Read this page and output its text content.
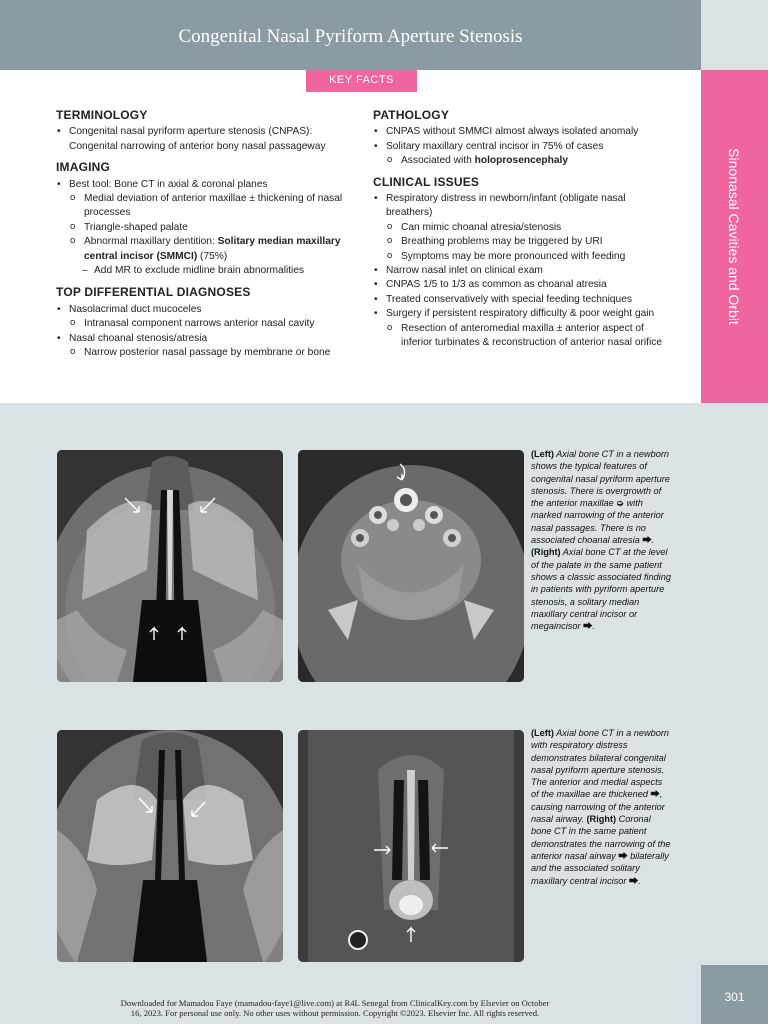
Congenital Nasal Pyriform Aperture Stenosis
Sinonasal Cavities and Orbit
KEY FACTS
TERMINOLOGY
• Congenital nasal pyriform aperture stenosis (CNPAS): Congenital narrowing of anterior bony nasal passageway
IMAGING
• Best tool: Bone CT in axial & coronal planes
o Medial deviation of anterior maxillae ± thickening of nasal processes
o Triangle-shaped palate
o Abnormal maxillary dentition: Solitary median maxillary central incisor (SMMCI) (75%)
– Add MR to exclude midline brain abnormalities
TOP DIFFERENTIAL DIAGNOSES
• Nasolacrimal duct mucoceles
o Intranasal component narrows anterior nasal cavity
• Nasal choanal stenosis/atresia
o Narrow posterior nasal passage by membrane or bone
PATHOLOGY
• CNPAS without SMMCI almost always isolated anomaly
• Solitary maxillary central incisor in 75% of cases
o Associated with holoprosencephaly
CLINICAL ISSUES
• Respiratory distress in newborn/infant (obligate nasal breathers)
o Can mimic choanal atresia/stenosis
o Breathing problems may be triggered by URI
o Symptoms may be more pronounced with feeding
• Narrow nasal inlet on clinical exam
• CNPAS 1/5 to 1/3 as common as choanal atresia
• Treated conservatively with special feeding techniques
• Surgery if persistent respiratory difficulty & poor weight gain
o Resection of anteromedial maxilla ± anterior aspect of inferior turbinates & reconstruction of anterior nasal orifice
(Left) Axial bone CT in a newborn shows the typical features of congenital nasal pyriform aperture stenosis. There is overgrowth of the anterior maxillae ➭ with marked narrowing of the anterior nasal passages. There is no associated choanal atresia ⮕. (Right) Axial bone CT at the level of the palate in the same patient shows a classic associated finding in patients with pyriform aperture stenosis, a solitary median maxillary central incisor or megaincisor ⮕.
(Left) Axial bone CT in a newborn with respiratory distress demonstrates bilateral congenital nasal pyriform aperture stenosis. The anterior and medial aspects of the maxillae are thickened ⮕, causing narrowing of the anterior nasal airway. (Right) Coronal bone CT in the same patient demonstrates the narrowing of the anterior nasal airway ⮕ bilaterally and the associated solitary maxillary central incisor ⮕.
301
Downloaded for Mamadou Faye (mamadou-faye1@live.com) at R4L Senegal from ClinicalKey.com by Elsevier on October
16, 2023. For personal use only. No other uses without permission. Copyright ©2023. Elsevier Inc. All rights reserved.
